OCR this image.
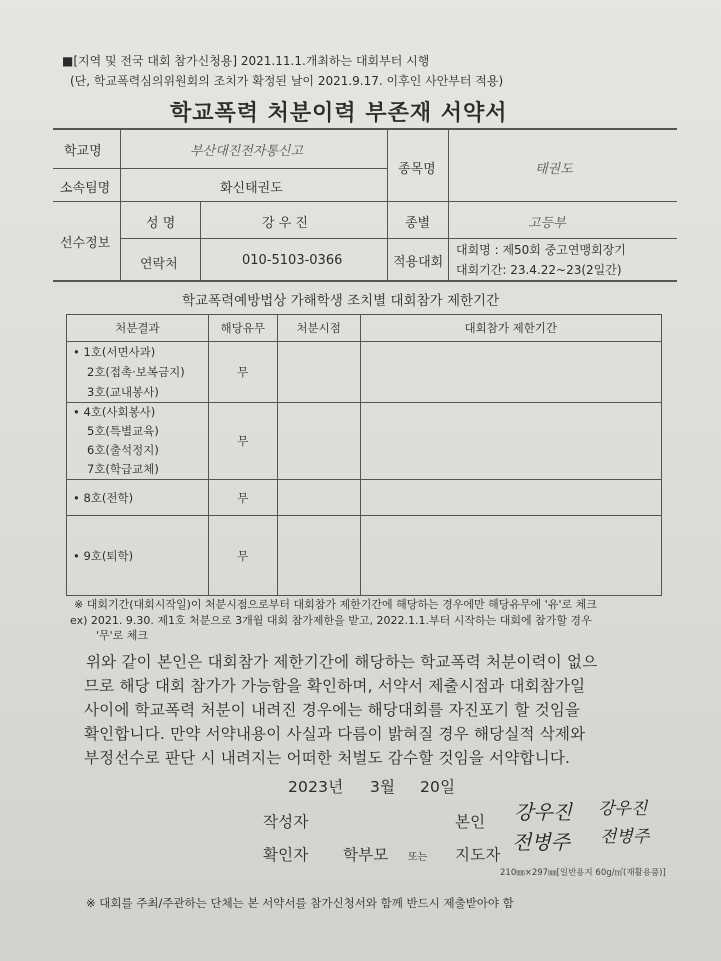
■[지역 및 전국 대회 참가신청용] 2021.11.1.개최하는 대회부터 시행
(단, 학교폭력심의위원회의 조치가 확정된 날이 2021.9.17. 이후인 사안부터 적용)
학교폭력 처분이력 부존재 서약서
학교명	부산대진전자통신고
종목명	태권도
소속팀명	화신태권도
선수정보
성 명	강 우 진	종별	고등부
연락처	010-5103-0366	적용대회
대회명 : 제50회 중고연맹회장기
대회기간: 23.4.22~23(2일간)
학교폭력예방법상 가해학생 조치별 대회참가 제한기간
처분결과	해당유무	처분시점	대회참가 제한기간

• 1호(서면사과)
2호(접촉·보복금지)
3호(교내봉사)	무		

• 4호(사회봉사)
5호(특별교육)
6호(출석정지)
7호(학급교체)	무		
• 8호(전학)	무		
• 9호(퇴학)	무		
※ 대회기간(대회시작일)이 처분시점으로부터 대회참가 제한기간에 해당하는 경우에만 해당유무에 '유'로 체크
ex) 2021. 9.30. 제1호 처분으로 3개월 대회 참가제한을 받고, 2022.1.1.부터 시작하는 대회에 참가할 경우
'무'로 체크
위와 같이 본인은 대회참가 제한기간에 해당하는 학교폭력 처분이력이 없으
므로 해당 대회 참가가 가능함을 확인하며, 서약서 제출시점과 대회참가일
사이에 학교폭력 처분이 내려진 경우에는 해당대회를 자진포기 할 것임을
확인합니다. 만약 서약내용이 사실과 다름이 밝혀질 경우 해당실적 삭제와
부정선수로 판단 시 내려지는 어떠한 처벌도 감수할 것임을 서약합니다.
2023년 3월 20일
작성자	본인 강우진 강우진
확인자 학부모 또는 지도자
전병주 전병주
210㎜×297㎜[일반용지 60g/㎡(재활용품)]
※ 대회를 주최/주관하는 단체는 본 서약서를 참가신청서와 함께 반드시 제출받아야 함
